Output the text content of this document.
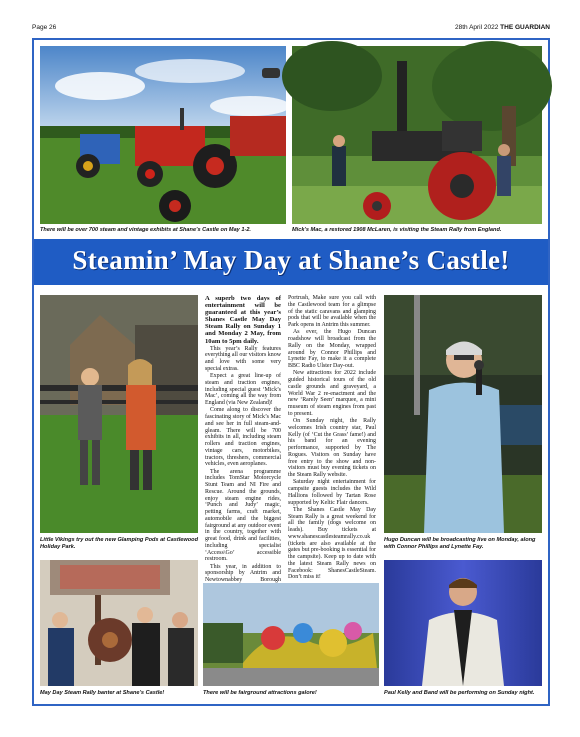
Page 26	28th April 2022 THE GUARDIAN
There will be over 700 steam and vintage exhibits at Shane’s Castle on May 1-2.	Mick’s Mac, a restored 1908 McLaren, is visiting the Steam Rally from England.
Steamin’ May Day at Shane’s Castle!
Little Vikings try out the new Glamping Pods at Castlewood Holiday Park.

A superb two days of entertainment will be guaranteed at this year’s Shanes Castle May Day Steam Rally on Sunday 1 and Monday 2 May, from 10am to 5pm daily.

This year’s Rally features everything all our visitors know and love with some very special extras.

Expect a great line-up of steam and traction engines, including special guest ‘Mick’s Mac’, coming all the way from England (via New Zealand)!

Come along to discover the fascinating story of Mick’s Mac and see her in full steam-and-gleam. There will be 700 exhibits in all, including steam rollers and traction engines, vintage cars, motorbikes, tractors, threshers, commercial vehicles, even aeroplanes.

The arena programme includes TomStar Motorcycle Stunt Team and NI Fire and Rescue. Around the grounds, enjoy steam engine rides, ‘Punch and Judy’ magic, petting farms, craft market, automobile and the biggest fairground at any outdoor event in the country, together with great food, drink and facilities, including specialist ‘Access\Go’ accessible restroom.

This year, in addition to sponsorship by Antrim and Newtownabbey Borough

Portrush, Make sure you call with the Castlewood team for a glimpse of the static caravans and glamping pods that will be available when the Park opens in Antrim this summer.

As ever, the Hugo Duncan roadshow will broadcast from the Rally on the Monday, wrapped around by Connor Phillips and Lynette Fay, to make it a complete BBC Radio Ulster Day-out.

New attractions for 2022 include guided historical tours of the old castle grounds and graveyard, a World War 2 re-enactment and the new ‘Rarely Seen’ marquee, a mini museum of steam engines from past to present.

On Sunday night, the Rally welcomes Irish country star, Paul Kelly (of ‘Cut the Grass’ fame!) and his band for an evening performance, supported by The Rogues. Visitors on Sunday have free entry to the show and non-visitors must buy evening tickets on the Steam Rally website.

Saturday night entertainment for campsite guests includes the Wild Hallions followed by Tartan Rose supported by Keltic Flair dancers.

The Shanes Castle May Day Steam Rally is a great weekend for all the family (dogs welcome on leads). Buy tickets at www.shanescastlesteamrally.co.uk (tickets are also available at the gates but pre-booking is essential for the campsite). Keep up to date with the latest Steam Rally news on Facebook: ShanesCastleSteam. Don’t miss it!

Hugo Duncan will be broadcasting live on Monday, along with Connor Phillips and Lynette Fay.
May Day Steam Rally banter at Shane’s Castle!	There will be fairground attractions galore!	Paul Kelly and Band will be performing on Sunday night.
